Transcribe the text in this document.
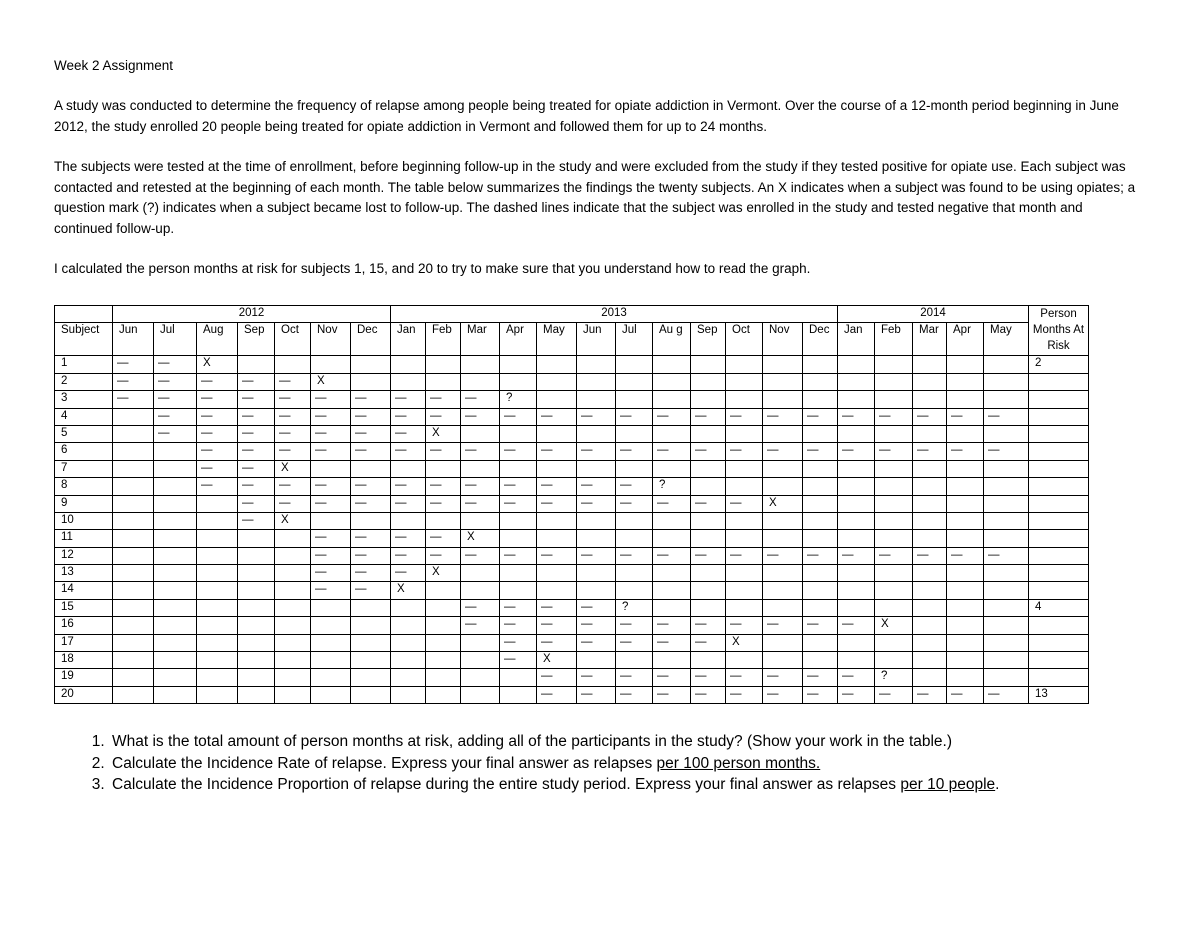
Week 2 Assignment
A study was conducted to determine the frequency of relapse among people being treated for opiate addiction in Vermont. Over the course of a 12-month period beginning in June 2012, the study enrolled 20 people being treated for opiate addiction in Vermont and followed them for up to 24 months.
The subjects were tested at the time of enrollment, before beginning follow-up in the study and were excluded from the study if they tested positive for opiate use. Each subject was contacted and retested at the beginning of each month. The table below summarizes the findings the twenty subjects. An X indicates when a subject was found to be using opiates; a question mark (?) indicates when a subject became lost to follow-up. The dashed lines indicate that the subject was enrolled in the study and tested negative that month and continued follow-up.
I calculated the person months at risk for subjects 1, 15, and 20 to try to make sure that you understand how to read the graph.
	2012							2013												2014					Person Months At Risk
Subject	Jun	Jul	Aug	Sep	Oct	Nov	Dec	Jan	Feb	Mar	Apr	May	Jun	Jul	Au g	Sep	Oct	Nov	Dec	Jan	Feb	Mar	Apr	May	
1	—	—	X																						2
2	—	—	—	—	—	X																			
3	—	—	—	—	—	—	—	—	—	—	?														
4		—	—	—	—	—	—	—	—	—	—	—	—	—	—	—	—	—	—	—	—	—	—	—	
5		—	—	—	—	—	—	—	X																
6			—	—	—	—	—	—	—	—	—	—	—	—	—	—	—	—	—	—	—	—	—	—	
7			—	—	X																				
8			—	—	—	—	—	—	—	—	—	—	—	—	?										
9				—	—	—	—	—	—	—	—	—	—	—	—	—	—	X							
10				—	X																				
11						—	—	—	—	X															
12						—	—	—	—	—	—	—	—	—	—	—	—	—	—	—	—	—	—	—	
13						—	—	—	X																
14						—	—	X																	
15										—	—	—	—	?											4
16										—	—	—	—	—	—	—	—	—	—	—	X				
17											—	—	—	—	—	—	X								
18											—	X													
19												—	—	—	—	—	—	—	—	—	?				
20												—	—	—	—	—	—	—	—	—	—	—	—	—	13
1. What is the total amount of person months at risk, adding all of the participants in the study? (Show your work in the table.)
2. Calculate the Incidence Rate of relapse. Express your final answer as relapses per 100 person months.
3. Calculate the Incidence Proportion of relapse during the entire study period. Express your final answer as relapses per 10 people.
